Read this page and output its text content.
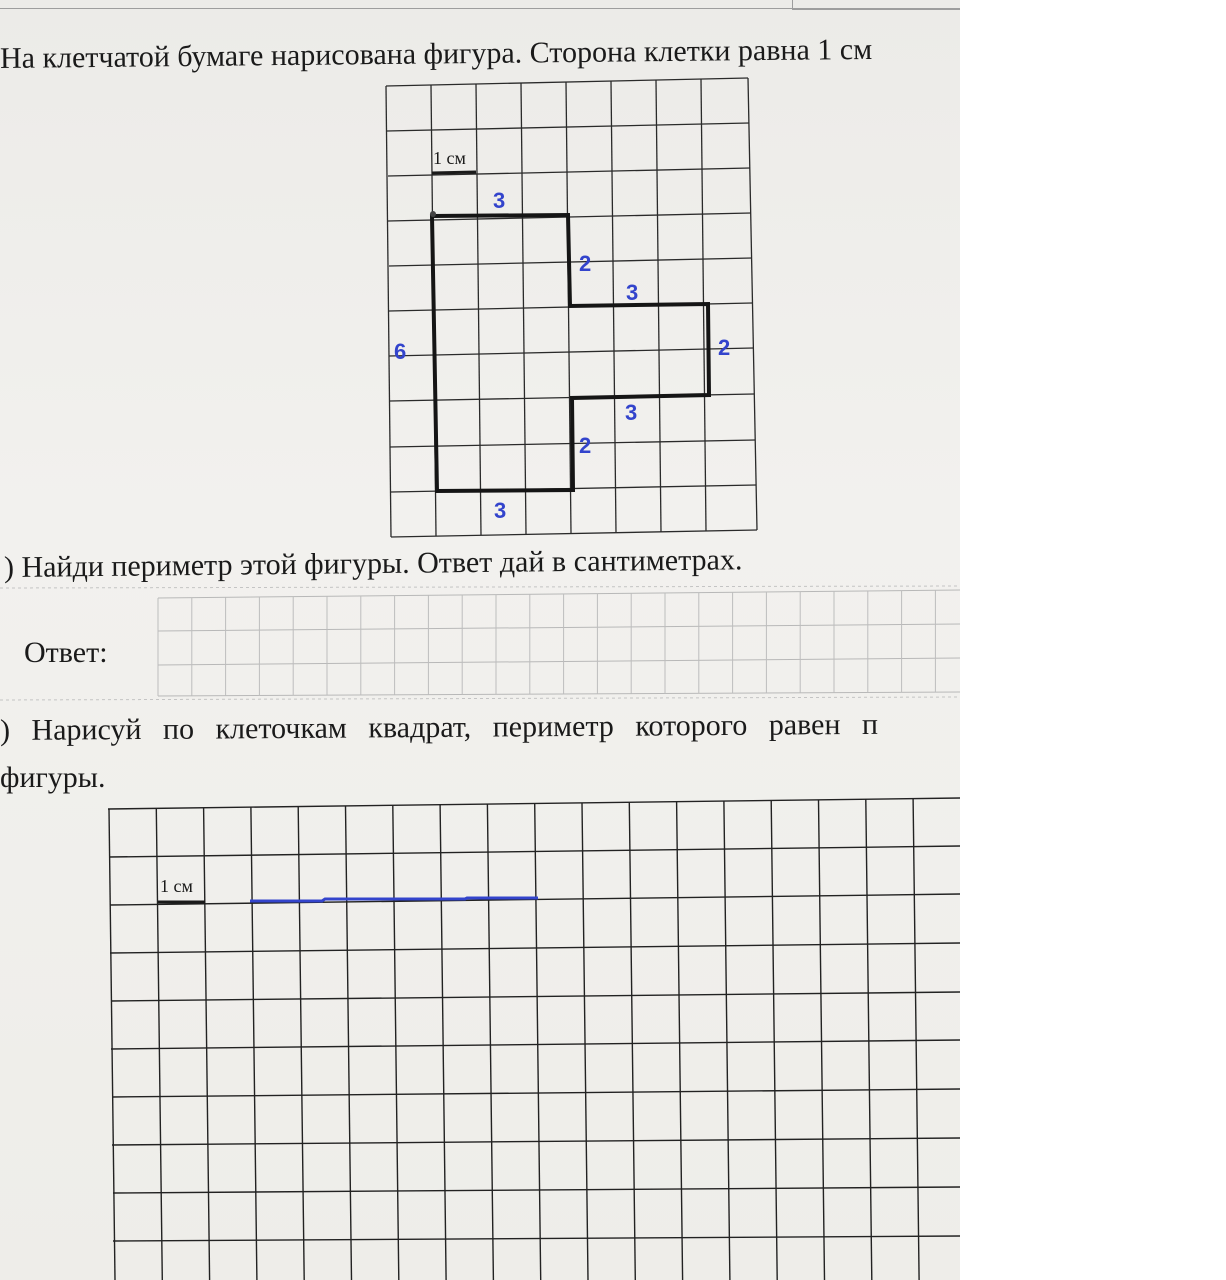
На клетчатой бумаге нарисована фигура. Сторона клетки равна 1 см
1 см
3
2
3
2
3
2
3
6
1 см
) Найди периметр этой фигуры. Ответ дай в сантиметрах.
Ответ:
) Нарисуй по клеточкам квадрат, периметр которого равен п
фигуры.
